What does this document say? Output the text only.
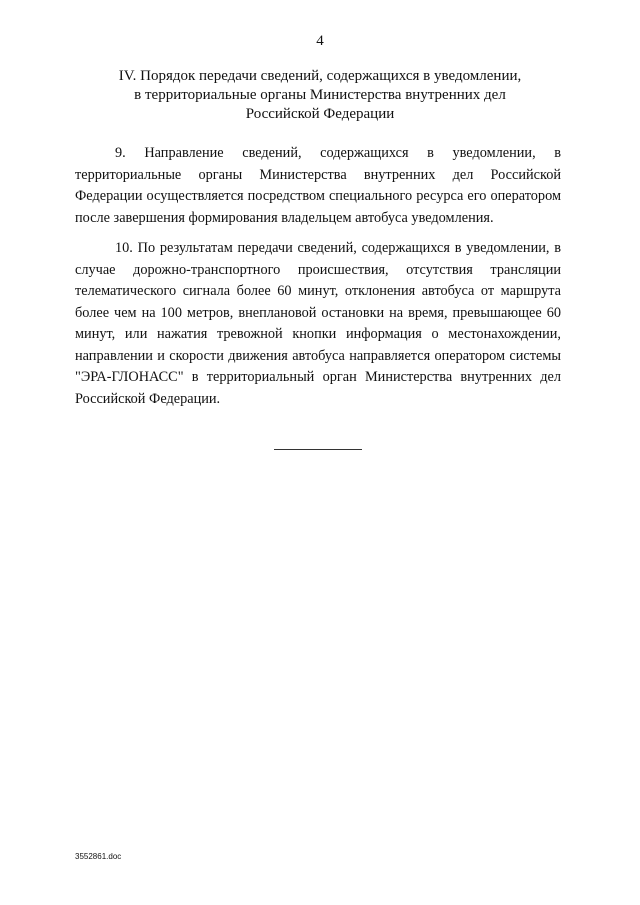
4
IV. Порядок передачи сведений, содержащихся в уведомлении,
в территориальные органы Министерства внутренних дел
Российской Федерации

9. Направление сведений, содержащихся в уведомлении, в территориальные органы Министерства внутренних дел Российской Федерации осуществляется посредством специального ресурса его оператором после завершения формирования владельцем автобуса уведомления.

10. По результатам передачи сведений, содержащихся в уведомлении, в случае дорожно-транспортного происшествия, отсутствия трансляции телематического сигнала более 60 минут, отклонения автобуса от маршрута более чем на 100 метров, внеплановой остановки на время, превышающее 60 минут, или нажатия тревожной кнопки информация о местонахождении, направлении и скорости движения автобуса направляется оператором системы "ЭРА-ГЛОНАСС" в территориальный орган Министерства внутренних дел Российской Федерации.

3552861.doc
